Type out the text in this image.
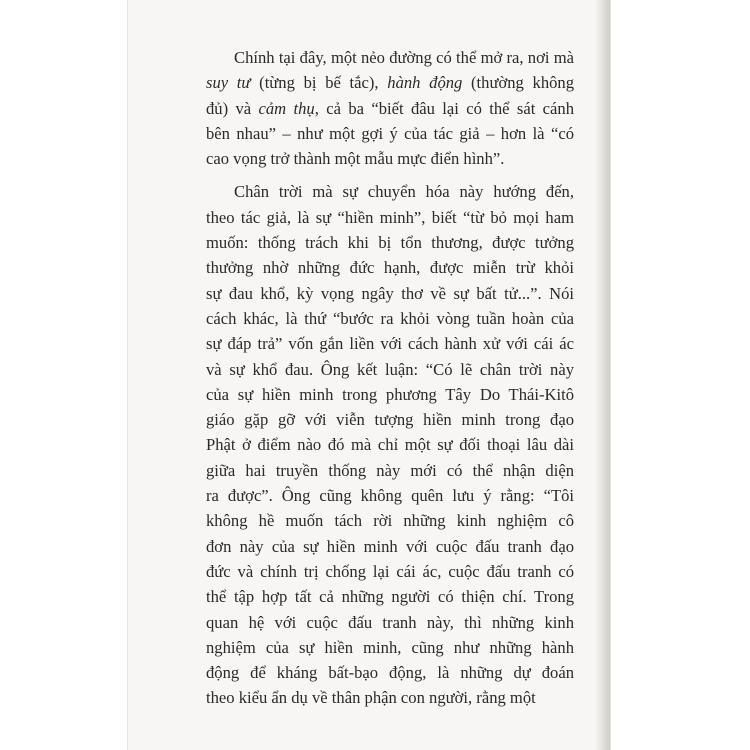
Chính tại đây, một nẻo đường có thể mở ra, nơi mà
suy tư (từng bị bế tắc), hành động (thường không
đủ) và cảm thụ, cả ba “biết đâu lại có thể sát cánh
bên nhau” – như một gợi ý của tác giả – hơn là “có
cao vọng trở thành một mẫu mực điển hình”.

Chân trời mà sự chuyển hóa này hướng đến,
theo tác giả, là sự “hiền minh”, biết “từ bỏ mọi ham
muốn: thống trách khi bị tổn thương, được tưởng
thưởng nhờ những đức hạnh, được miễn trừ khỏi
sự đau khổ, kỳ vọng ngây thơ về sự bất tử...”. Nói
cách khác, là thứ “bước ra khỏi vòng tuần hoàn của
sự đáp trả” vốn gắn liền với cách hành xử với cái ác
và sự khổ đau. Ông kết luận: “Có lẽ chân trời này
của sự hiền minh trong phương Tây Do Thái-Kitô
giáo gặp gỡ với viễn tượng hiền minh trong đạo
Phật ở điểm nào đó mà chỉ một sự đối thoại lâu dài
giữa hai truyền thống này mới có thể nhận diện
ra được”. Ông cũng không quên lưu ý rằng: “Tôi
không hề muốn tách rời những kinh nghiệm cô
đơn này của sự hiền minh với cuộc đấu tranh đạo
đức và chính trị chống lại cái ác, cuộc đấu tranh có
thể tập hợp tất cả những người có thiện chí. Trong
quan hệ với cuộc đấu tranh này, thì những kinh
nghiệm của sự hiền minh, cũng như những hành
động để kháng bất-bạo động, là những dự đoán
theo kiểu ẩn dụ về thân phận con người, rằng một
